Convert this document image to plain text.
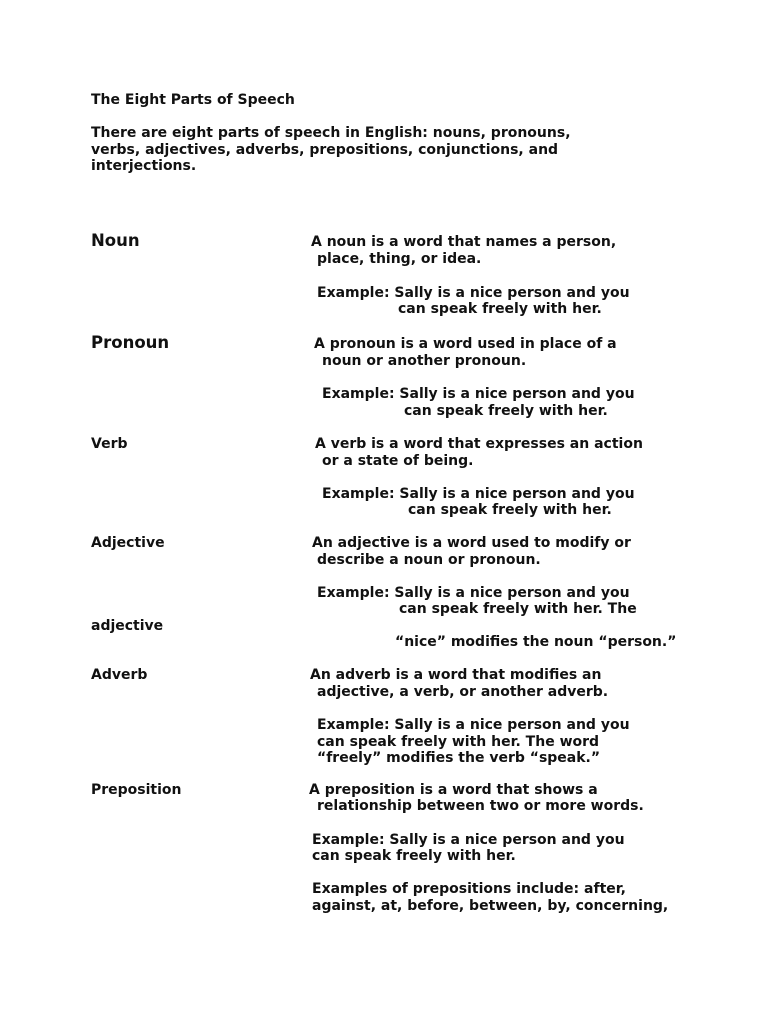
The Eight Parts of Speech
There are eight parts of speech in English: nouns, pronouns,
verbs, adjectives, adverbs, prepositions, conjunctions, and
interjections.
Noun	A noun is a word that names a person,
place, thing, or idea.
Example: Sally is a nice person and you
can speak freely with her.
Pronoun	A pronoun is a word used in place of a
noun or another pronoun.
Example: Sally is a nice person and you
can speak freely with her.
Verb	A verb is a word that expresses an action
or a state of being.
Example: Sally is a nice person and you
can speak freely with her.
Adjective	An adjective is a word used to modify or
describe a noun or pronoun.
Example: Sally is a nice person and you
can speak freely with her. The
adjective
“nice” modifies the noun “person.”
Adverb	An adverb is a word that modifies an
adjective, a verb, or another adverb.
Example: Sally is a nice person and you
can speak freely with her. The word
“freely” modifies the verb “speak.”
Preposition	A preposition is a word that shows a
relationship between two or more words.
Example: Sally is a nice person and you
can speak freely with her.
Examples of prepositions include: after,
against, at, before, between, by, concerning,
